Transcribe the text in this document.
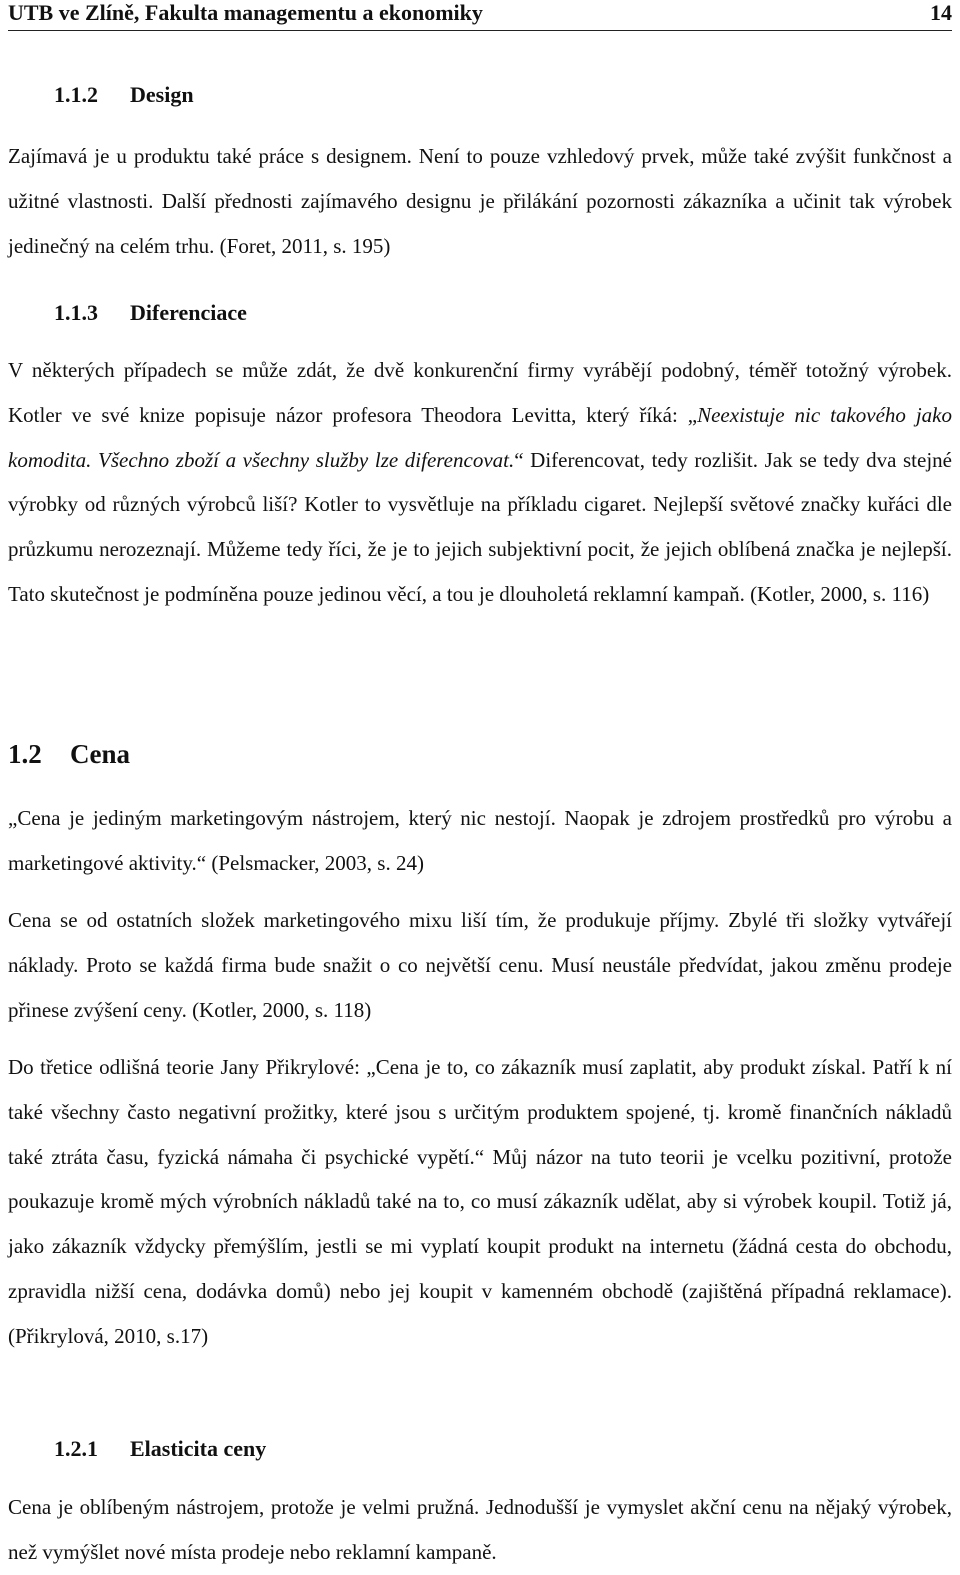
UTB ve Zlíně, Fakulta managementu a ekonomiky	14
1.1.2 Design

Zajímavá je u produktu také práce s designem. Není to pouze vzhledový prvek, může také zvýšit funkčnost a užitné vlastnosti. Další přednosti zajímavého designu je přilákání pozornosti zákazníka a učinit tak výrobek jedinečný na celém trhu. (Foret, 2011, s. 195)

1.1.3 Diferenciace

V některých případech se může zdát, že dvě konkurenční firmy vyrábějí podobný, téměř totožný výrobek. Kotler ve své knize popisuje názor profesora Theodora Levitta, který říká: „Neexistuje nic takového jako komodita. Všechno zboží a všechny služby lze diferencovat.“ Diferencovat, tedy rozlišit. Jak se tedy dva stejné výrobky od různých výrobců liší? Kotler to vysvětluje na příkladu cigaret. Nejlepší světové značky kuřáci dle průzkumu nerozeznají. Můžeme tedy říci, že je to jejich subjektivní pocit, že jejich oblíbená značka je nejlepší. Tato skutečnost je podmíněna pouze jedinou věcí, a tou je dlouholetá reklamní kampaň. (Kotler, 2000, s. 116)

1.2 Cena

„Cena je jediným marketingovým nástrojem, který nic nestojí. Naopak je zdrojem prostředků pro výrobu a marketingové aktivity.“ (Pelsmacker, 2003, s. 24)

Cena se od ostatních složek marketingového mixu liší tím, že produkuje příjmy. Zbylé tři složky vytvářejí náklady. Proto se každá firma bude snažit o co největší cenu. Musí neustále předvídat, jakou změnu prodeje přinese zvýšení ceny. (Kotler, 2000, s. 118)

Do třetice odlišná teorie Jany Přikrylové: „Cena je to, co zákazník musí zaplatit, aby produkt získal. Patří k ní také všechny často negativní prožitky, které jsou s určitým produktem spojené, tj. kromě finančních nákladů také ztráta času, fyzická námaha či psychické vypětí.“ Můj názor na tuto teorii je vcelku pozitivní, protože poukazuje kromě mých výrobních nákladů také na to, co musí zákazník udělat, aby si výrobek koupil. Totiž já, jako zákazník vždycky přemýšlím, jestli se mi vyplatí koupit produkt na internetu (žádná cesta do obchodu, zpravidla nižší cena, dodávka domů) nebo jej koupit v kamenném obchodě (zajištěná případná reklamace). (Přikrylová, 2010, s.17)

1.2.1 Elasticita ceny

Cena je oblíbeným nástrojem, protože je velmi pružná. Jednodušší je vymyslet akční cenu na nějaký výrobek, než vymýšlet nové místa prodeje nebo reklamní kampaně.
